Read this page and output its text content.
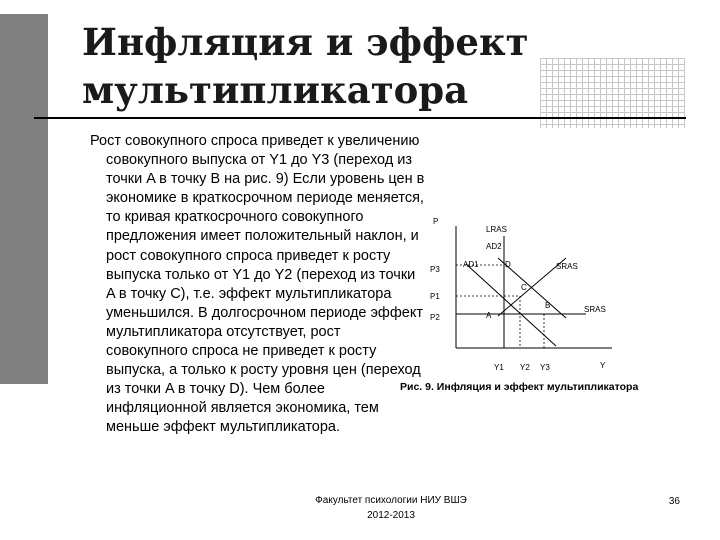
Инфляция и эффект мультипликатора

Рост совокупного спроса приведет к увеличению совокупного выпуска от Y1 до Y3 (переход из точки A в точку B на рис. 9) Если уровень цен в экономике в краткосрочном периоде меняется, то кривая краткосрочного совокупного предложения имеет положительный наклон, и рост совокупного спроса приведет к росту выпуска только от Y1 до Y2 (переход из точки A в точку C), т.е. эффект мультипликатора уменьшился. В долгосрочном периоде эффект мультипликатора отсутствует, рост совокупного спроса не приведет к росту выпуска, а только к росту уровня цен (переход из точки A в точку D). Чем более инфляционной является экономика, тем меньше эффект мультипликатора.

P
Y
P3
P1
P2
Y1 Y2 Y3
LRAS
AD2
AD1	D	SRAS
C
B	SRAS
A
Рис. 9. Инфляция и эффект мультипликатора
Факультет психологии НИУ ВШЭ
2012-2013
36
